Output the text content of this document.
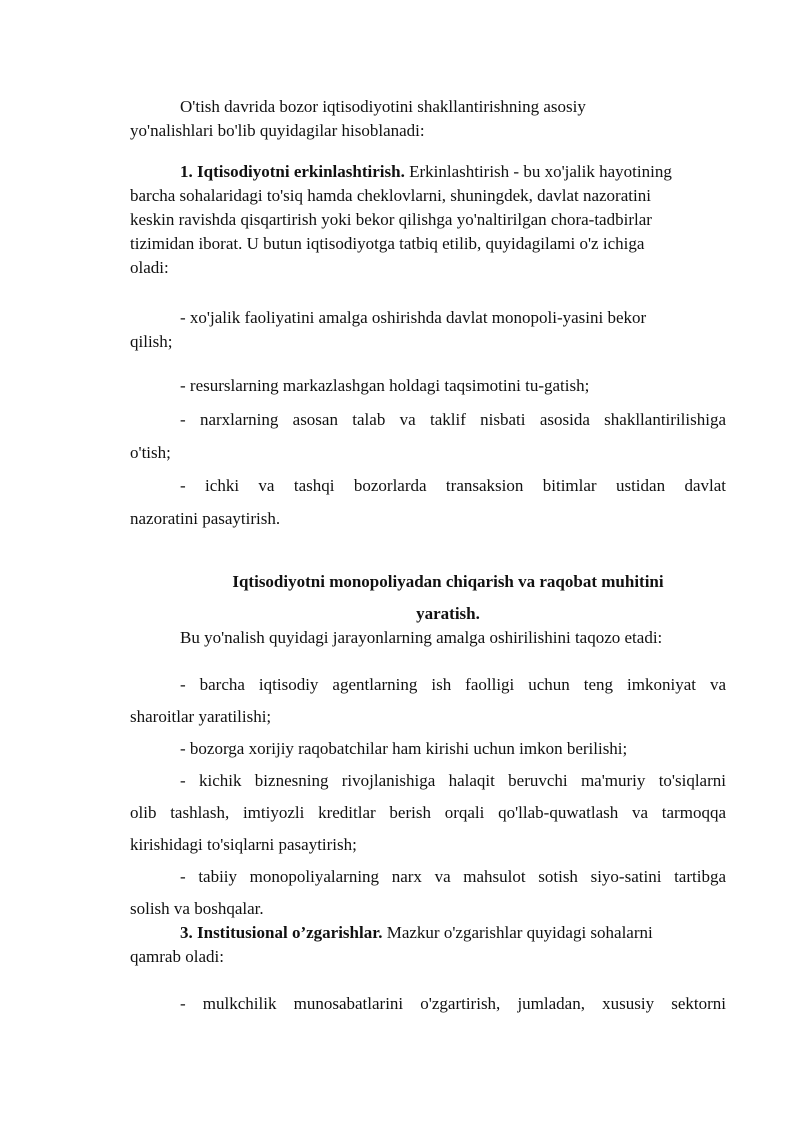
O'tish davrida bozor iqtisodiyotini shakllantirishning asosiy
yo'nalishlari bo'lib quyidagilar hisoblanadi:
1. Iqtisodiyotni erkinlashtirish. Erkinlashtirish - bu xo'jalik hayotining
barcha sohalaridagi to'siq hamda cheklovlarni, shuningdek, davlat nazoratini
keskin ravishda qisqartirish yoki bekor qilishga yo'naltirilgan chora-tadbirlar
tizimidan iborat. U butun iqtisodiyotga tatbiq etilib, quyidagilami o'z ichiga
oladi:
- xo'jalik faoliyatini amalga oshirishda davlat monopoli-yasini bekor
qilish;
- resurslarning markazlashgan holdagi taqsimotini tu-gatish;
- narxlarning asosan talab va taklif nisbati asosida shakllantirilishiga
o'tish;
- ichki va tashqi bozorlarda transaksion bitimlar ustidan davlat
nazoratini pasaytirish.
Iqtisodiyotni monopoliyadan chiqarish va raqobat muhitini
yaratish.
Bu yo'nalish quyidagi jarayonlarning amalga oshirilishini taqozo etadi:
- barcha iqtisodiy agentlarning ish faolligi uchun teng imkoniyat va
sharoitlar yaratilishi;
- bozorga xorijiy raqobatchilar ham kirishi uchun imkon berilishi;
- kichik biznesning rivojlanishiga halaqit beruvchi ma'muriy to'siqlarni
olib tashlash, imtiyozli kreditlar berish orqali qo'llab-quwatlash va tarmoqqa
kirishidagi to'siqlarni pasaytirish;
- tabiiy monopoliyalarning narx va mahsulot sotish siyo-satini tartibga
solish va boshqalar.
3. Institusional o’zgarishlar. Mazkur o'zgarishlar quyidagi sohalarni
qamrab oladi:
- mulkchilik munosabatlarini o'zgartirish, jumladan, xususiy sektorni
